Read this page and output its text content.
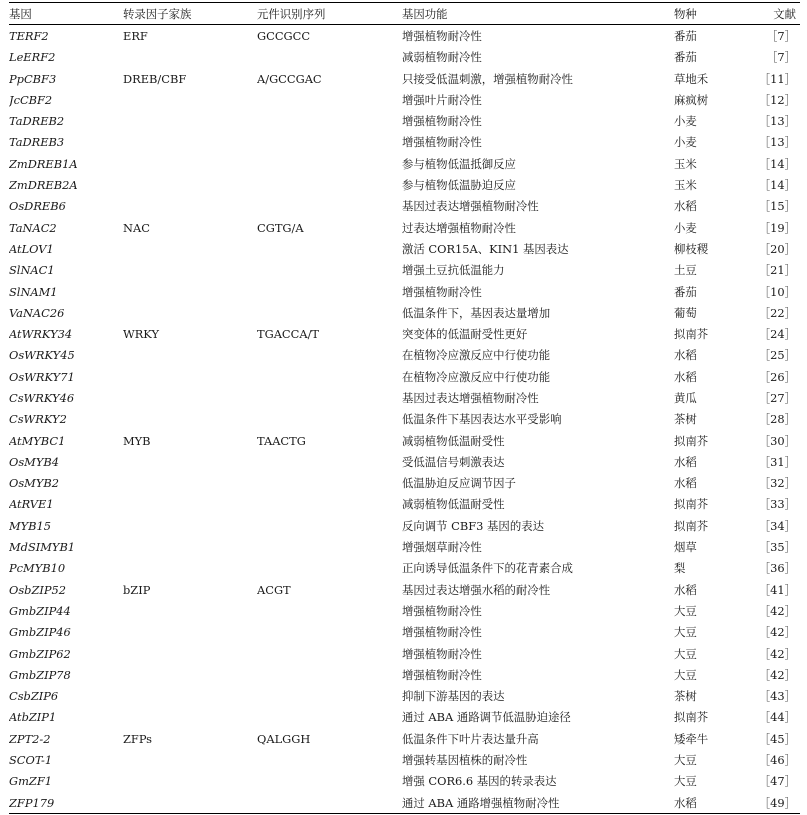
基因	转录因子家族	元件识别序列	基因功能	物种	文献
TERF2	ERF	GCCGCC	增强植物耐冷性	番茄	［7］
LeERF2			减弱植物耐冷性	番茄	［7］
PpCBF3	DREB/CBF	A/GCCGAC	只接受低温刺激，增强植物耐冷性	草地禾	［11］
JcCBF2			增强叶片耐冷性	麻疯树	［12］
TaDREB2			增强植物耐冷性	小麦	［13］
TaDREB3			增强植物耐冷性	小麦	［13］
ZmDREB1A			参与植物低温抵御反应	玉米	［14］
ZmDREB2A			参与植物低温胁迫反应	玉米	［14］
OsDREB6			基因过表达增强植物耐冷性	水稻	［15］
TaNAC2	NAC	CGTG/A	过表达增强植物耐冷性	小麦	［19］
AtLOV1			激活 COR15A、KIN1 基因表达	柳枝稷	［20］
SlNAC1			增强土豆抗低温能力	土豆	［21］
SlNAM1			增强植物耐冷性	番茄	［10］
VaNAC26			低温条件下，基因表达量增加	葡萄	［22］
AtWRKY34	WRKY	TGACCA/T	突变体的低温耐受性更好	拟南芥	［24］
OsWRKY45			在植物冷应激反应中行使功能	水稻	［25］
OsWRKY71			在植物冷应激反应中行使功能	水稻	［26］
CsWRKY46			基因过表达增强植物耐冷性	黄瓜	［27］
CsWRKY2			低温条件下基因表达水平受影响	茶树	［28］
AtMYBC1	MYB	TAACTG	减弱植物低温耐受性	拟南芥	［30］
OsMYB4			受低温信号刺激表达	水稻	［31］
OsMYB2			低温胁迫反应调节因子	水稻	［32］
AtRVE1			减弱植物低温耐受性	拟南芥	［33］
MYB15			反向调节 CBF3 基因的表达	拟南芥	［34］
MdSIMYB1			增强烟草耐冷性	烟草	［35］
PcMYB10			正向诱导低温条件下的花青素合成	梨	［36］
OsbZIP52	bZIP	ACGT	基因过表达增强水稻的耐冷性	水稻	［41］
GmbZIP44			增强植物耐冷性	大豆	［42］
GmbZIP46			增强植物耐冷性	大豆	［42］
GmbZIP62			增强植物耐冷性	大豆	［42］
GmbZIP78			增强植物耐冷性	大豆	［42］
CsbZIP6			抑制下游基因的表达	茶树	［43］
AtbZIP1			通过 ABA 通路调节低温胁迫途径	拟南芥	［44］
ZPT2-2	ZFPs	QALGGH	低温条件下叶片表达量升高	矮牵牛	［45］
SCOT-1			增强转基因植株的耐冷性	大豆	［46］
GmZF1			增强 COR6.6 基因的转录表达	大豆	［47］
ZFP179			通过 ABA 通路增强植物耐冷性	水稻	［49］
